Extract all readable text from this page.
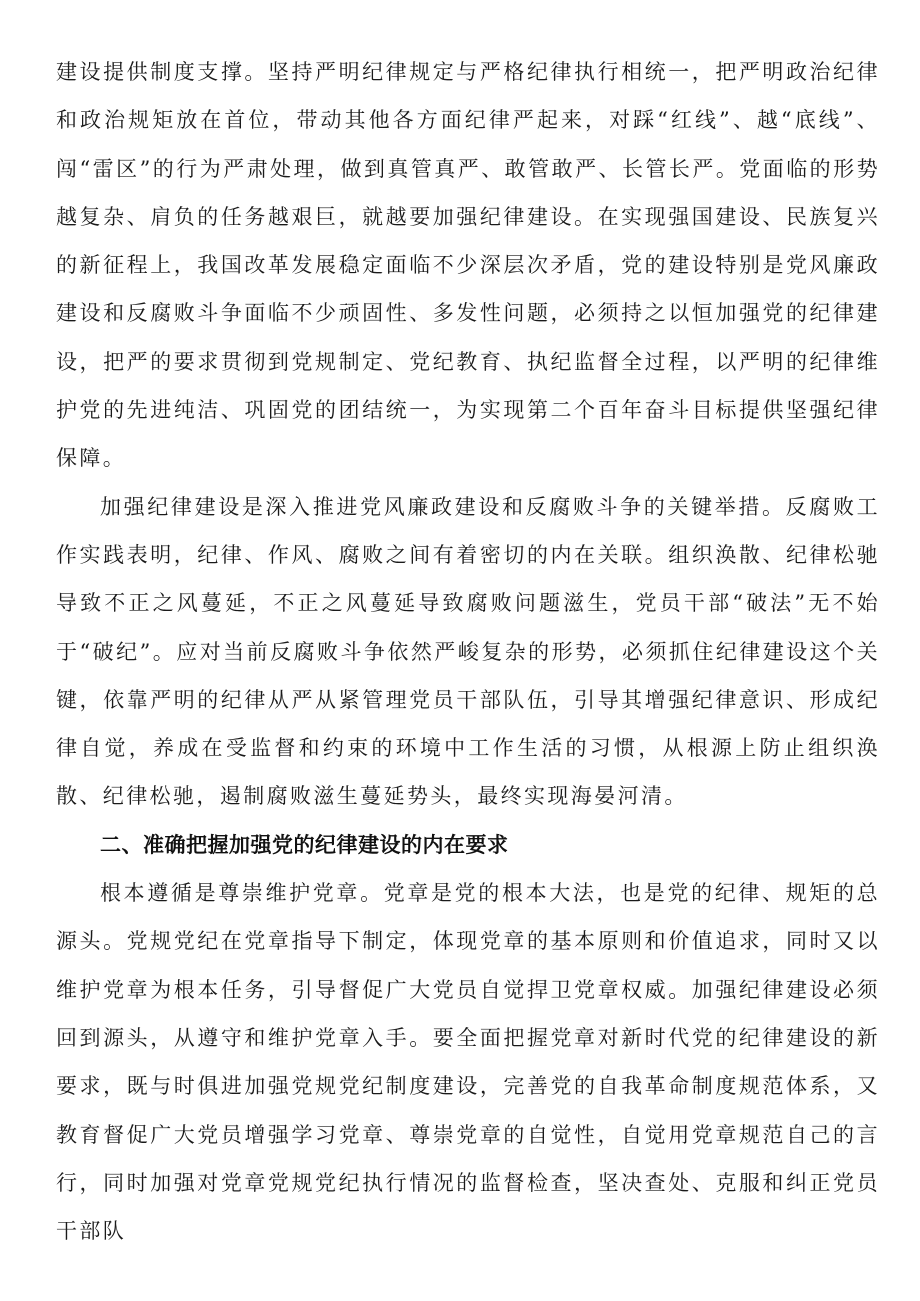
建设提供制度支撑。坚持严明纪律规定与严格纪律执行相统一，把严明政治纪律和政治规矩放在首位，带动其他各方面纪律严起来，对踩“红线”、越“底线”、闯“雷区”的行为严肃处理，做到真管真严、敢管敢严、长管长严。党面临的形势越复杂、肩负的任务越艰巨，就越要加强纪律建设。在实现强国建设、民族复兴的新征程上，我国改革发展稳定面临不少深层次矛盾，党的建设特别是党风廉政建设和反腐败斗争面临不少顽固性、多发性问题，必须持之以恒加强党的纪律建设，把严的要求贯彻到党规制定、党纪教育、执纪监督全过程，以严明的纪律维护党的先进纯洁、巩固党的团结统一，为实现第二个百年奋斗目标提供坚强纪律保障。

加强纪律建设是深入推进党风廉政建设和反腐败斗争的关键举措。反腐败工作实践表明，纪律、作风、腐败之间有着密切的内在关联。组织涣散、纪律松驰导致不正之风蔓延，不正之风蔓延导致腐败问题滋生，党员干部“破法”无不始于“破纪”。应对当前反腐败斗争依然严峻复杂的形势，必须抓住纪律建设这个关键，依靠严明的纪律从严从紧管理党员干部队伍，引导其增强纪律意识、形成纪律自觉，养成在受监督和约束的环境中工作生活的习惯，从根源上防止组织涣散、纪律松驰，遏制腐败滋生蔓延势头，最终实现海晏河清。

二、准确把握加强党的纪律建设的内在要求

根本遵循是尊崇维护党章。党章是党的根本大法，也是党的纪律、规矩的总源头。党规党纪在党章指导下制定，体现党章的基本原则和价值追求，同时又以维护党章为根本任务，引导督促广大党员自觉捍卫党章权威。加强纪律建设必须回到源头，从遵守和维护党章入手。要全面把握党章对新时代党的纪律建设的新要求，既与时俱进加强党规党纪制度建设，完善党的自我革命制度规范体系，又教育督促广大党员增强学习党章、尊崇党章的自觉性，自觉用党章规范自己的言行，同时加强对党章党规党纪执行情况的监督检查，坚决查处、克服和纠正党员干部队
